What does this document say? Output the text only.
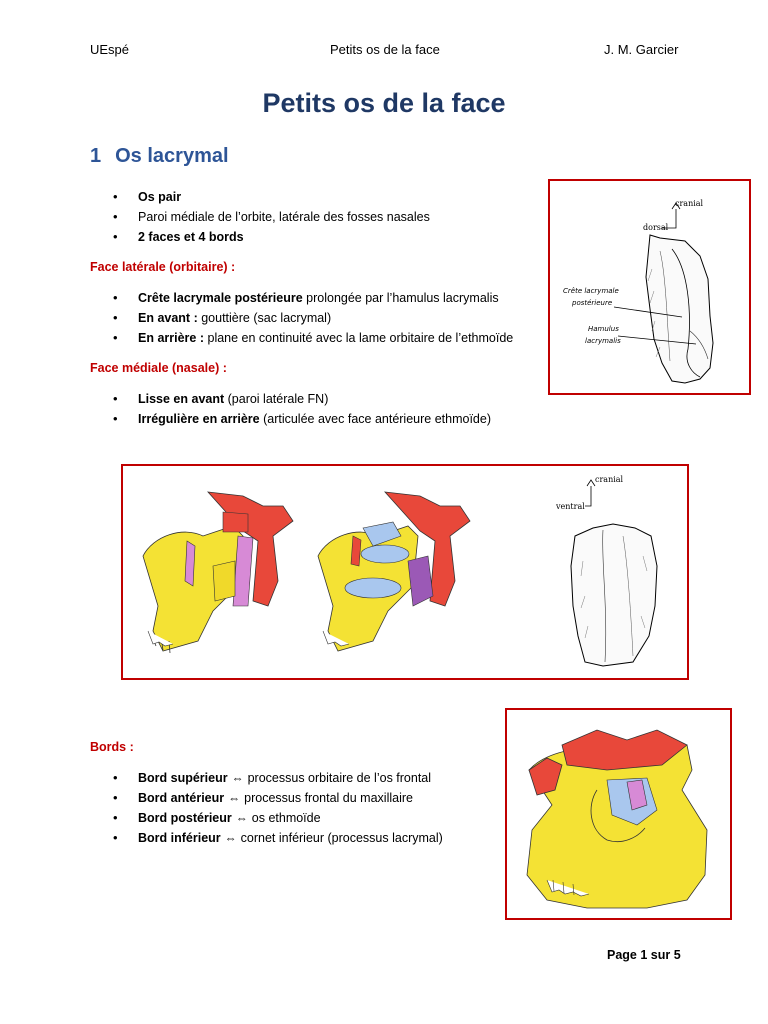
UEspé	Petits os de la face	J. M. Garcier
Petits os de la face
1 Os lacrymal
• Os pair
• Paroi médiale de l’orbite, latérale des fosses nasales
• 2 faces et 4 bords
Face latérale (orbitaire) :
• Crête lacrymale postérieure prolongée par l’hamulus lacrymalis
• En avant : gouttière (sac lacrymal)
• En arrière : plane en continuité avec la lame orbitaire de l’ethmoïde
Face médiale (nasale) :
• Lisse en avant (paroi latérale FN)
• Irrégulière en arrière (articulée avec face antérieure ethmoïde)
Bords :
• Bord supérieur ⇔ processus orbitaire de l’os frontal
• Bord antérieur ⇔ processus frontal du maxillaire
• Bord postérieur ⇔ os ethmoïde
• Bord inférieur ⇔ cornet inférieur (processus lacrymal)
cranial
dorsal
Crête lacrymale
postérieure
Hamulus
lacrymalis
cranial
ventral
Page 1 sur 5
